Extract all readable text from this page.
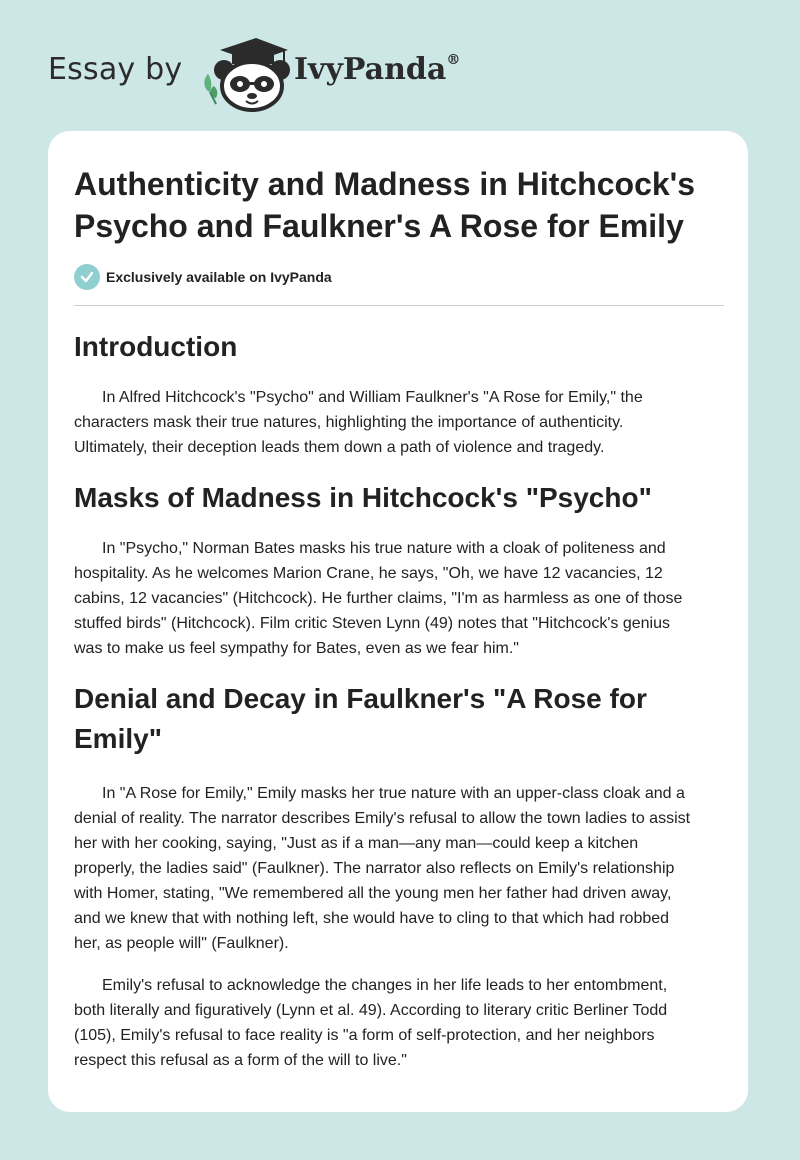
Essay by	IvyPanda®
Authenticity and Madness in Hitchcock's
Psycho and Faulkner's A Rose for Emily
Exclusively available on IvyPanda
Introduction

In Alfred Hitchcock's "Psycho" and William Faulkner's "A Rose for Emily," the
characters mask their true natures, highlighting the importance of authenticity.
Ultimately, their deception leads them down a path of violence and tragedy.

Masks of Madness in Hitchcock's "Psycho"

In "Psycho," Norman Bates masks his true nature with a cloak of politeness and
hospitality. As he welcomes Marion Crane, he says, "Oh, we have 12 vacancies, 12
cabins, 12 vacancies" (Hitchcock). He further claims, "I'm as harmless as one of those
stuffed birds" (Hitchcock). Film critic Steven Lynn (49) notes that "Hitchcock's genius
was to make us feel sympathy for Bates, even as we fear him."

Denial and Decay in Faulkner's "A Rose for
Emily"

In "A Rose for Emily," Emily masks her true nature with an upper-class cloak and a
denial of reality. The narrator describes Emily's refusal to allow the town ladies to assist
her with her cooking, saying, "Just as if a man—any man—could keep a kitchen
properly, the ladies said" (Faulkner). The narrator also reflects on Emily's relationship
with Homer, stating, "We remembered all the young men her father had driven away,
and we knew that with nothing left, she would have to cling to that which had robbed
her, as people will" (Faulkner).

Emily's refusal to acknowledge the changes in her life leads to her entombment,
both literally and figuratively (Lynn et al. 49). According to literary critic Berliner Todd
(105), Emily's refusal to face reality is "a form of self-protection, and her neighbors
respect this refusal as a form of the will to live."
